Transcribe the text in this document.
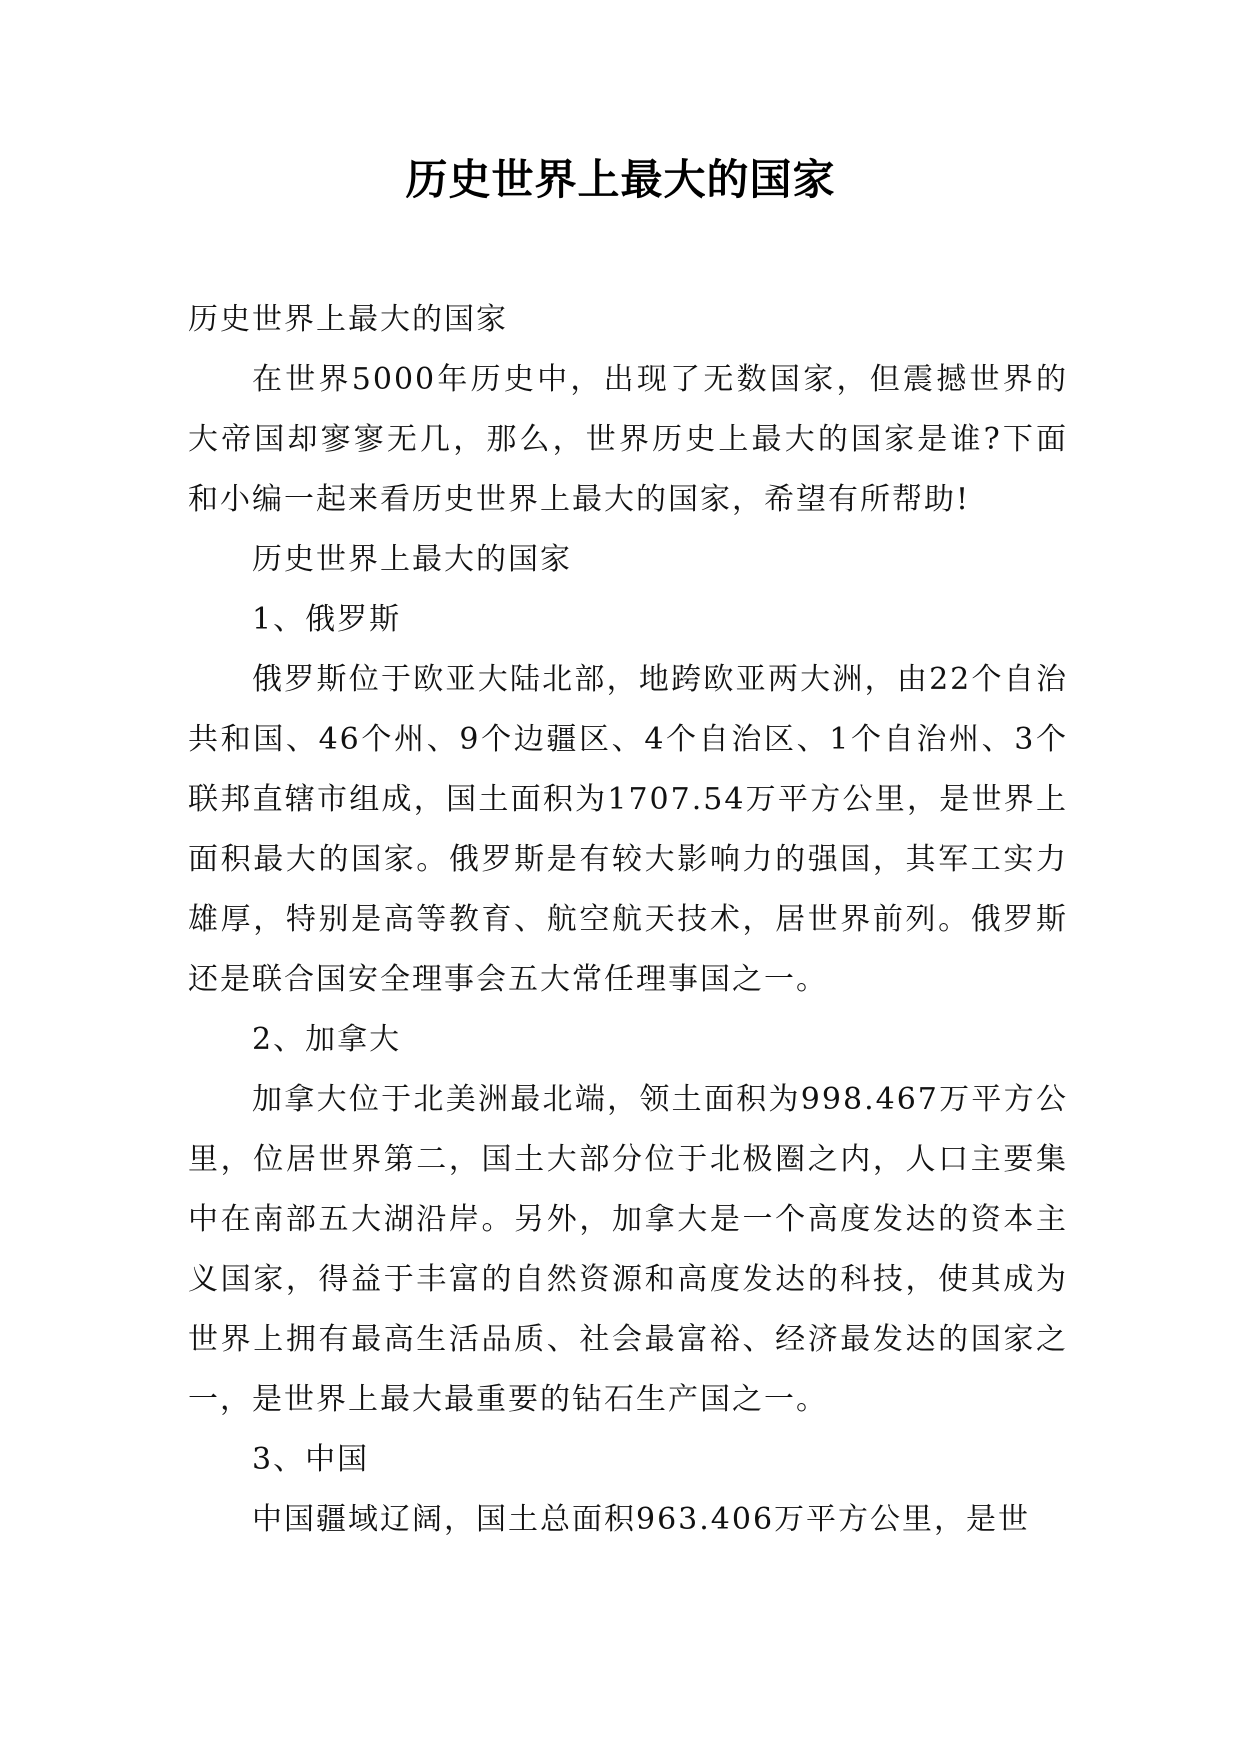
历史世界上最大的国家

历史世界上最大的国家

在世界5000年历史中，出现了无数国家，但震撼世界的大帝国却寥寥无几，那么，世界历史上最大的国家是谁?下面和小编一起来看历史世界上最大的国家，希望有所帮助!

历史世界上最大的国家

1、俄罗斯

俄罗斯位于欧亚大陆北部，地跨欧亚两大洲，由22个自治共和国、46个州、9个边疆区、4个自治区、1个自治州、3个联邦直辖市组成，国土面积为1707.54万平方公里，是世界上面积最大的国家。俄罗斯是有较大影响力的强国，其军工实力雄厚，特别是高等教育、航空航天技术，居世界前列。俄罗斯还是联合国安全理事会五大常任理事国之一。

2、加拿大

加拿大位于北美洲最北端，领土面积为998.467万平方公里，位居世界第二，国土大部分位于北极圈之内，人口主要集中在南部五大湖沿岸。另外，加拿大是一个高度发达的资本主义国家，得益于丰富的自然资源和高度发达的科技，使其成为世界上拥有最高生活品质、社会最富裕、经济最发达的国家之一，是世界上最大最重要的钻石生产国之一。

3、中国

中国疆域辽阔，国土总面积963.406万平方公里，是世
